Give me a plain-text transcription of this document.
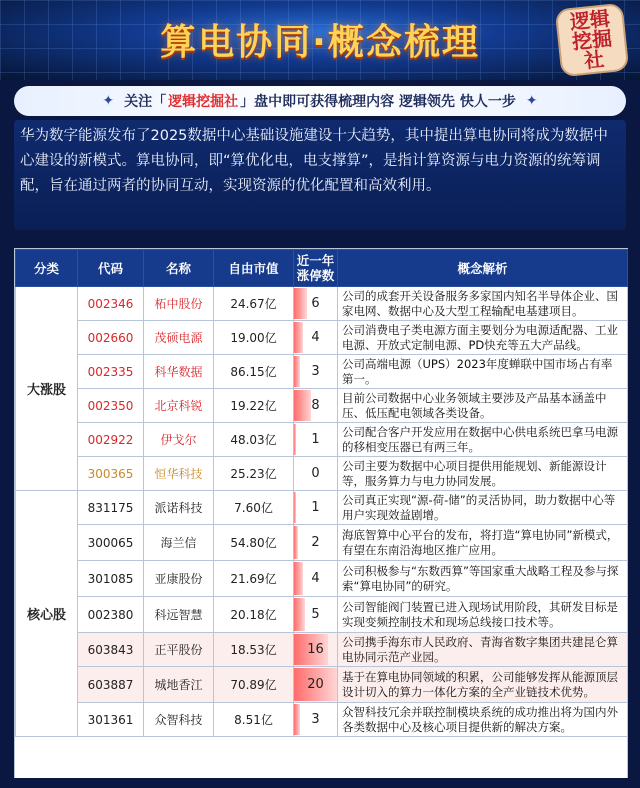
算电协同·概念梳理
逻辑挖掘社
✦ 关注「 逻辑挖掘社 」盘中即可获得梳理内容 逻辑领先 快人一步 ✦
华为数字能源发布了2025数据中心基础设施建设十大趋势，其中提出算电协同将成为数据中心建设的新模式。算电协同，即“算优化电，电支撑算”，是指计算资源与电力资源的统筹调配，旨在通过两者的协同互动，实现资源的优化配置和高效利用。
分类	代码	名称	自由市值	近一年涨停数	概念解析
大涨股	002346	柘中股份	24.67亿	6	公司的成套开关设备服务多家国内知名半导体企业、国家电网、数据中心及大型工程输配电基建项目。
	002660	茂硕电源	19.00亿	4	公司消费电子类电源方面主要划分为电源适配器、工业电源、开放式定制电源、PD快充等五大产品线。
	002335	科华数据	86.15亿	3	公司高端电源（UPS）2023年度蝉联中国市场占有率第一。
	002350	北京科锐	19.22亿	8	目前公司数据中心业务领域主要涉及产品基本涵盖中压、低压配电领域各类设备。
	002922	伊戈尔	48.03亿	1	公司配合客户开发应用在数据中心供电系统巴拿马电源的移相变压器已有两三年。
	300365	恒华科技	25.23亿	0	公司主要为数据中心项目提供用能规划、新能源设计等，服务算力与电力协同发展。
核心股	831175	派诺科技	7.60亿	1	公司真正实现“源-荷-储”的灵活协同，助力数据中心等用户实现效益剧增。
	300065	海兰信	54.80亿	2	海底智算中心平台的发布，将打造“算电协同”新模式，有望在东南沿海地区推广应用。
	301085	亚康股份	21.69亿	4	公司积极参与“东数西算”等国家重大战略工程及参与探索“算电协同”的研究。
	002380	科远智慧	20.18亿	5	公司智能阀门装置已进入现场试用阶段，其研发目标是实现变频控制技术和现场总线接口技术等。
	603843	正平股份	18.53亿	16	公司携手海东市人民政府、青海省数字集团共建昆仑算电协同示范产业园。
	603887	城地香江	70.89亿	20	基于在算电协同领域的积累，公司能够发挥从能源顶层设计切入的算力一体化方案的全产业链技术优势。
	301361	众智科技	8.51亿	3	众智科技冗余并联控制模块系统的成功推出将为国内外各类数据中心及核心项目提供新的解决方案。
